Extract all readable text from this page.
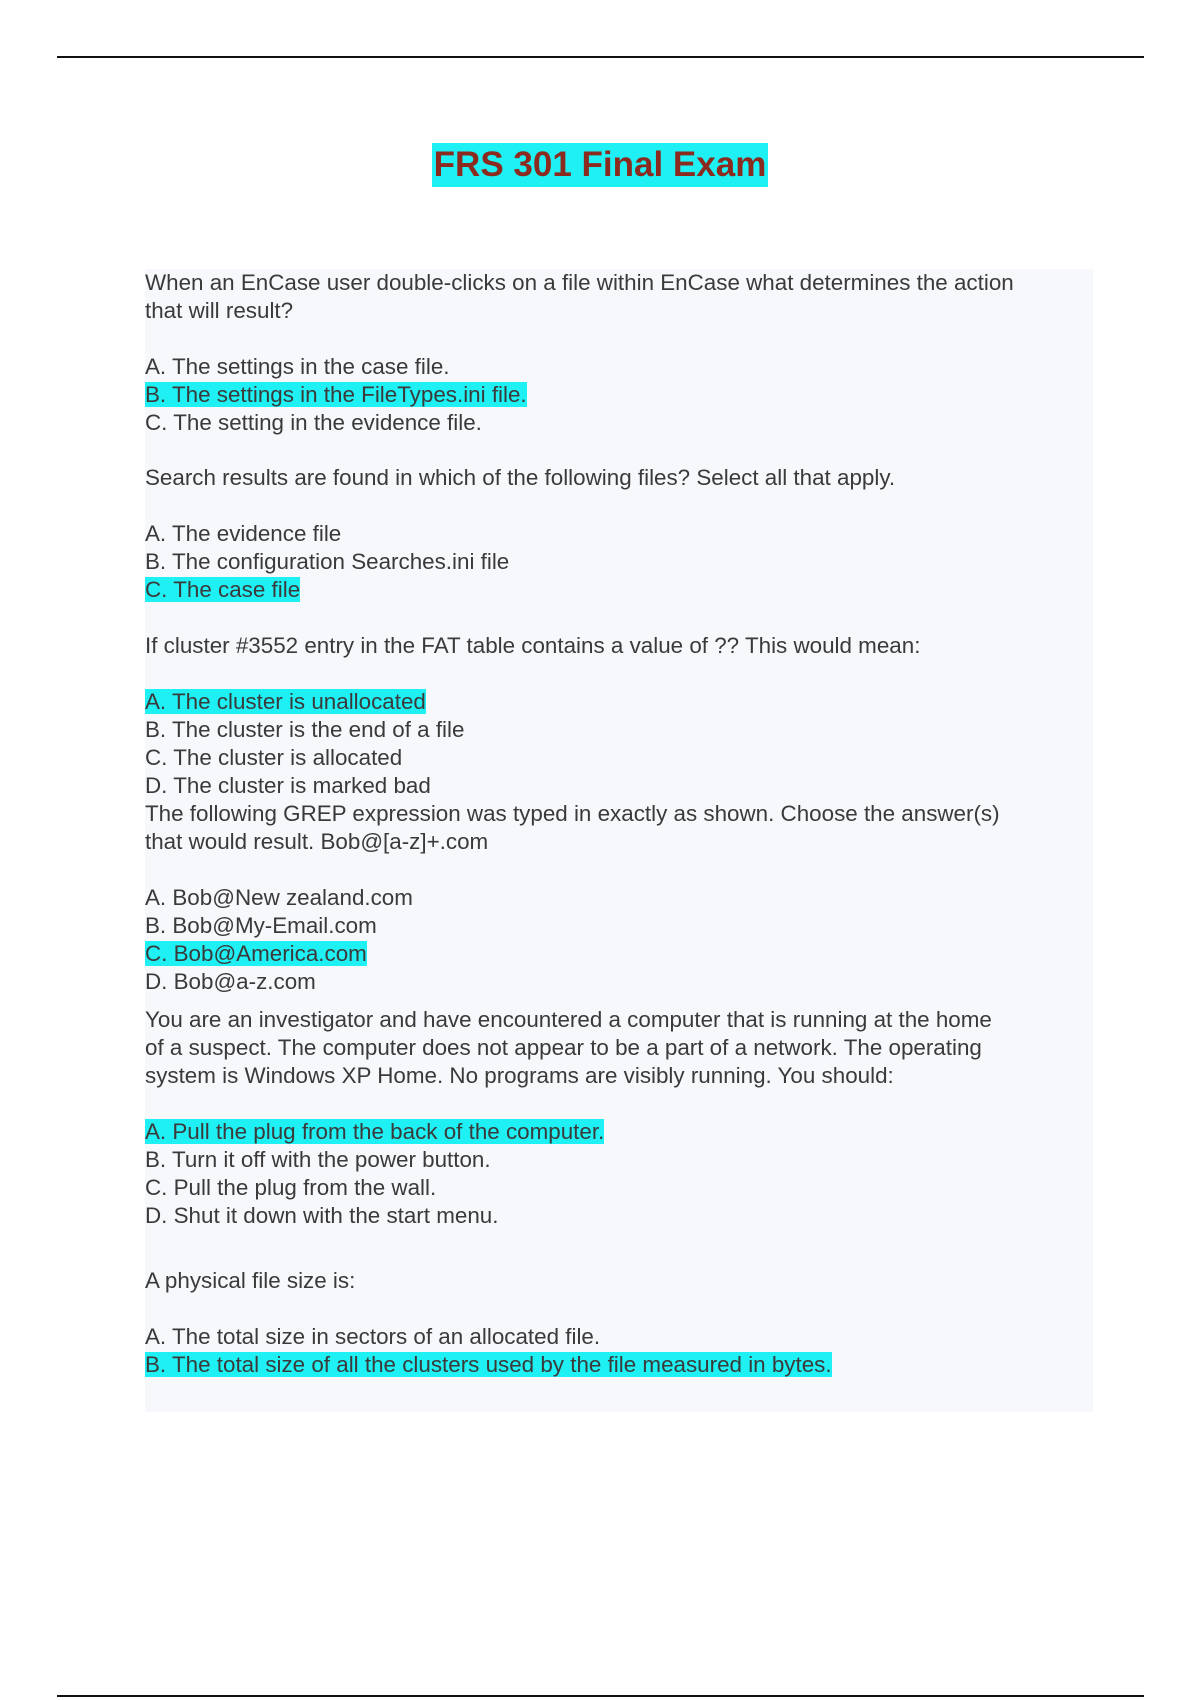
FRS 301 Final Exam
When an EnCase user double-clicks on a file within EnCase what determines the action
that will result?
A. The settings in the case file.
B. The settings in the FileTypes.ini file.
C. The setting in the evidence file.
Search results are found in which of the following files? Select all that apply.
A. The evidence file
B. The configuration Searches.ini file
C. The case file
If cluster #3552 entry in the FAT table contains a value of ?? This would mean:
A. The cluster is unallocated
B. The cluster is the end of a file
C. The cluster is allocated
D. The cluster is marked bad
The following GREP expression was typed in exactly as shown. Choose the answer(s)
that would result. Bob@[a-z]+.com
A. Bob@New zealand.com
B. Bob@My-Email.com
C. Bob@America.com
D. Bob@a-z.com
You are an investigator and have encountered a computer that is running at the home
of a suspect. The computer does not appear to be a part of a network. The operating
system is Windows XP Home. No programs are visibly running. You should:
A. Pull the plug from the back of the computer.
B. Turn it off with the power button.
C. Pull the plug from the wall.
D. Shut it down with the start menu.
A physical file size is:
A. The total size in sectors of an allocated file.
B. The total size of all the clusters used by the file measured in bytes.
